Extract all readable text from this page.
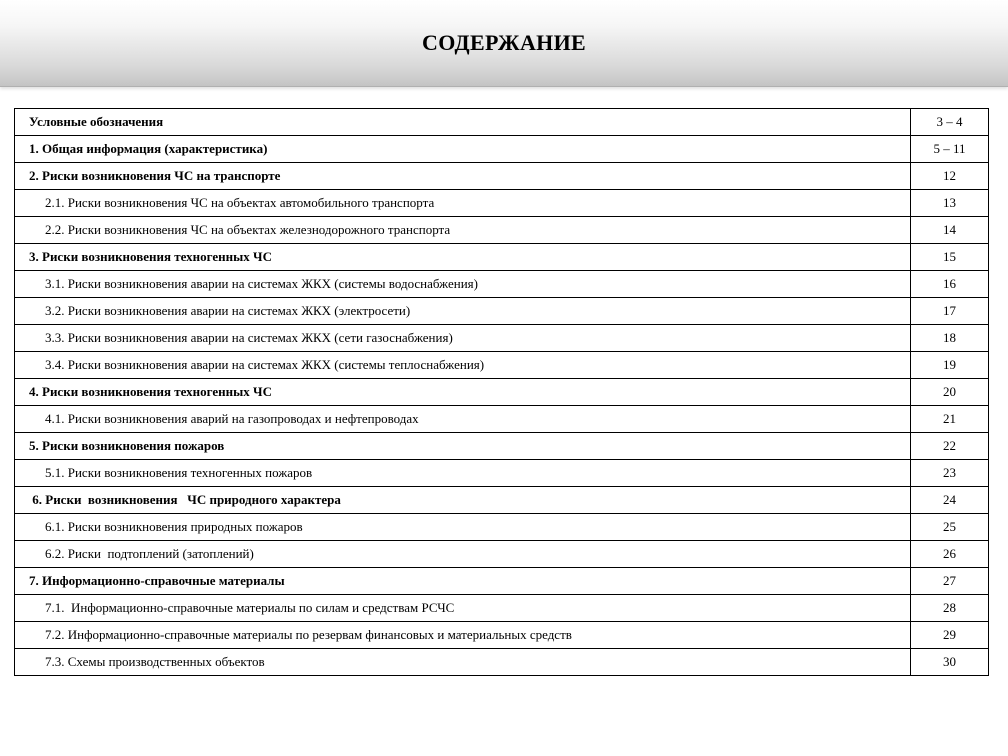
СОДЕРЖАНИЕ
Условные обозначения	3 – 4
1. Общая информация (характеристика)	5 – 11
2. Риски возникновения ЧС на транспорте	12
2.1. Риски возникновения ЧС на объектах автомобильного транспорта	13
2.2. Риски возникновения ЧС на объектах железнодорожного транспорта	14
3. Риски возникновения техногенных ЧС	15
3.1. Риски возникновения аварии на системах ЖКХ (системы водоснабжения)	16
3.2. Риски возникновения аварии на системах ЖКХ (электросети)	17
3.3. Риски возникновения аварии на системах ЖКХ (сети газоснабжения)	18
3.4. Риски возникновения аварии на системах ЖКХ (системы теплоснабжения)	19
4. Риски возникновения техногенных ЧС	20
4.1. Риски возникновения аварий на газопроводах и нефтепроводах	21
5. Риски возникновения пожаров	22
5.1. Риски возникновения техногенных пожаров	23
6. Риски  возникновения   ЧС природного характера	24
6.1. Риски возникновения природных пожаров	25
6.2. Риски  подтоплений (затоплений)	26
7. Информационно-справочные материалы	27
7.1.  Информационно-справочные материалы по силам и средствам РСЧС	28
7.2. Информационно-справочные материалы по резервам финансовых и материальных средств	29
7.3. Схемы производственных объектов	30
